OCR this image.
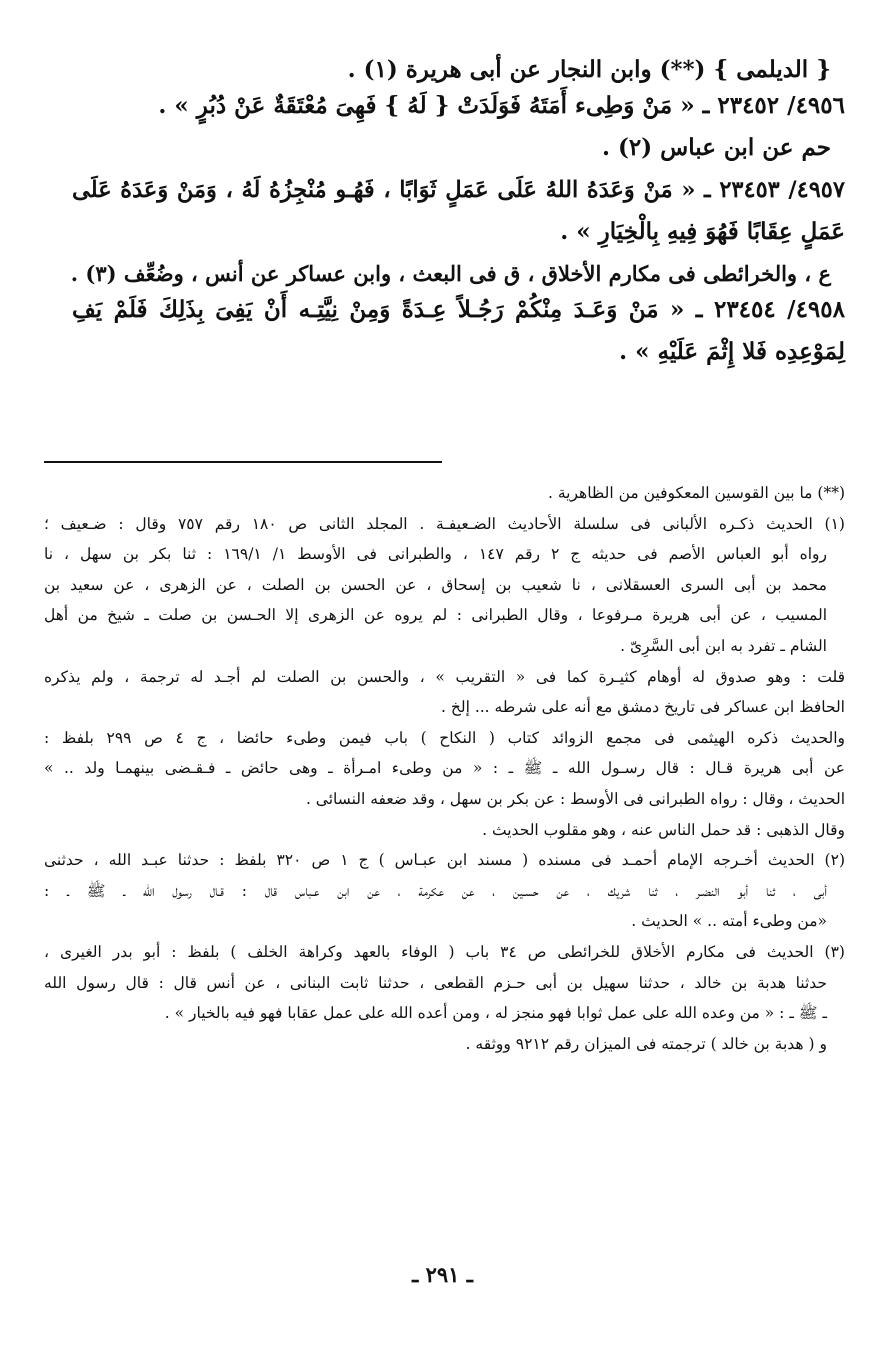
{ الديلمى } (**) وابن النجار عن أبى هريرة (١) .

٤٩٥٦/ ٢٣٤٥٢ ـ « مَنْ وَطِىء أَمَتَهُ فَوَلَدَتْ { لَهُ } فَهِىَ مُعْتَقَةٌ عَنْ دُبُرٍ » .

حم عن ابن عباس (٢) .

٤٩٥٧/ ٢٣٤٥٣ ـ « مَنْ وَعَدَهُ اللهُ عَلَى عَمَلٍ ثَوَابًا ، فَهُـو مُنْجِزُهُ لَهُ ، وَمَنْ وَعَدَهُ عَلَى

عَمَلٍ عِقَابًا فَهُوَ فِيهِ بِالْخِيَارِ » .

ع ، والخرائطى فى مكارم الأخلاق ، ق فى البعث ، وابن عساكر عن أنس ، وضُعِّف (٣) .

٤٩٥٨/ ٢٣٤٥٤ ـ « مَنْ وَعَـدَ مِنْكُمْ رَجُـلاً عِـدَةً وَمِنْ نِيَّتِـه أَنْ يَفِىَ بِذَلِكَ فَلَمْ يَفِ

لِمَوْعِدِه فَلا إِثْمَ عَلَيْهِ » .

(**) ما بين القوسين المعكوفين من الظاهرية .

(١) الحديث ذكـره الألبانى فى سلسلة الأحاديث الضـعيفـة . المجلد الثانى ص ١٨٠ رقم ٧٥٧ وقال : ضـعيف ؛

رواه أبو العباس الأصم فى حديثه ج ٢ رقم ١٤٧ ، والطبرانى فى الأوسط ١/ ١٦٩/١ : ثنا بكر بن سهل ، نا

محمد بن أبى السرى العسقلانى ، نا شعيب بن إسحاق ، عن الحسن بن الصلت ، عن الزهرى ، عن سعيد بن

المسيب ، عن أبى هريرة مـرفوعا ، وقال الطبرانى : لم يروه عن الزهرى إلا الحـسن بن صلت ـ شيخ من أهل

الشام ـ تفرد به ابن أبى السَّرِىّ .

قلت : وهو صدوق له أوهام كثيـرة كما فى « التقريب » ، والحسن بن الصلت لم أجـد له ترجمة ، ولم يذكره

الحافظ ابن عساكر فى تاريخ دمشق مع أنه على شرطه ... إلخ .

والحديث ذكره الهيثمى فى مجمع الزوائد كتاب ( النكاح ) باب فيمن وطىء حائضا ، ج ٤ ص ٢٩٩ بلفظ :

عن أبى هريرة قـال : قال رسـول الله ـ ﷺ ـ : « من وطىء امـرأة ـ وهى حائض ـ فـقـضى بينهمـا ولد .. »

الحديث ، وقال : رواه الطبرانى فى الأوسط : عن بكر بن سهل ، وقد ضعفه النسائى .

وقال الذهبى : قد حمل الناس عنه ، وهو مقلوب الحديث .

(٢) الحديث أخـرجه الإمام أحمـد فى مسنده ( مسند ابن عبـاس ) ج ١ ص ٣٢٠ بلفظ : حدثنا عبـد الله ، حدثنى

أبى ، ثنا أبو النضـر ، ثنا شريك ، عن حسـين ، عن عكرمة ، عن ابن عـباس قال : قـال رسول الله ـ ﷺ ـ :

«من وطىء أمته .. » الحديث .

(٣) الحديث فى مكارم الأخلاق للخرائطى ص ٣٤ باب ( الوفاء بالعهد وكراهة الخلف ) بلفظ : أبو بدر الغيرى ،

حدثنا هدبة بن خالد ، حدثنا سهيل بن أبى حـزم القطعى ، حدثنا ثابت البنانى ، عن أنس قال : قال رسول الله

ـ ﷺ ـ : « من وعده الله على عمل ثوابا فهو منجز له ، ومن أعده الله على عمل عقابا فهو فيه بالخيار » .

و ( هدبة بن خالد ) ترجمته فى الميزان رقم ٩٢١٢ ووثقه .

ـ ٢٩١ ـ
